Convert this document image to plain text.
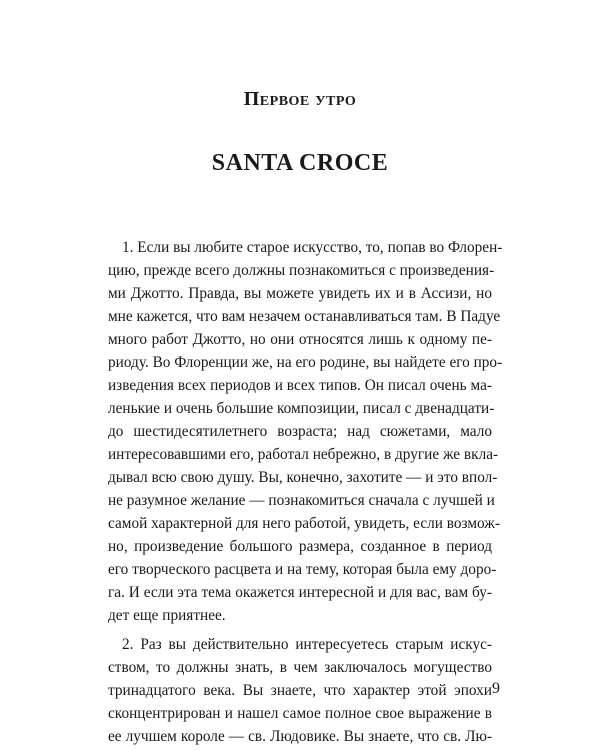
Первое утро
SANTA CROCE
1. Если вы любите старое искусство, то, попав во Флорен-
цию, прежде всего должны познакомиться с произведения-
ми Джотто. Правда, вы можете увидеть их и в Ассизи, но
мне кажется, что вам незачем останавливаться там. В Падуе
много работ Джотто, но они относятся лишь к одному пе-
риоду. Во Флоренции же, на его родине, вы найдете его про-
изведения всех периодов и всех типов. Он писал очень ма-
ленькие и очень большие композиции, писал с двенадцати-
до шестидесятилетнего возраста; над сюжетами, мало
интересовавшими его, работал небрежно, в другие же вкла-
дывал всю свою душу. Вы, конечно, захотите — и это впол-
не разумное желание — познакомиться сначала с лучшей и
самой характерной для него работой, увидеть, если возмож-
но, произведение большого размера, созданное в период
его творческого расцвета и на тему, которая была ему доро-
га. И если эта тема окажется интересной и для вас, вам бу-
дет еще приятнее.
2. Раз вы действительно интересуетесь старым искус-
ством, то должны знать, в чем заключалось могущество
тринадцатого века. Вы знаете, что характер этой эпохи
сконцентрирован и нашел самое полное свое выражение в
ее лучшем короле — св. Людовике. Вы знаете, что св. Лю-
9
